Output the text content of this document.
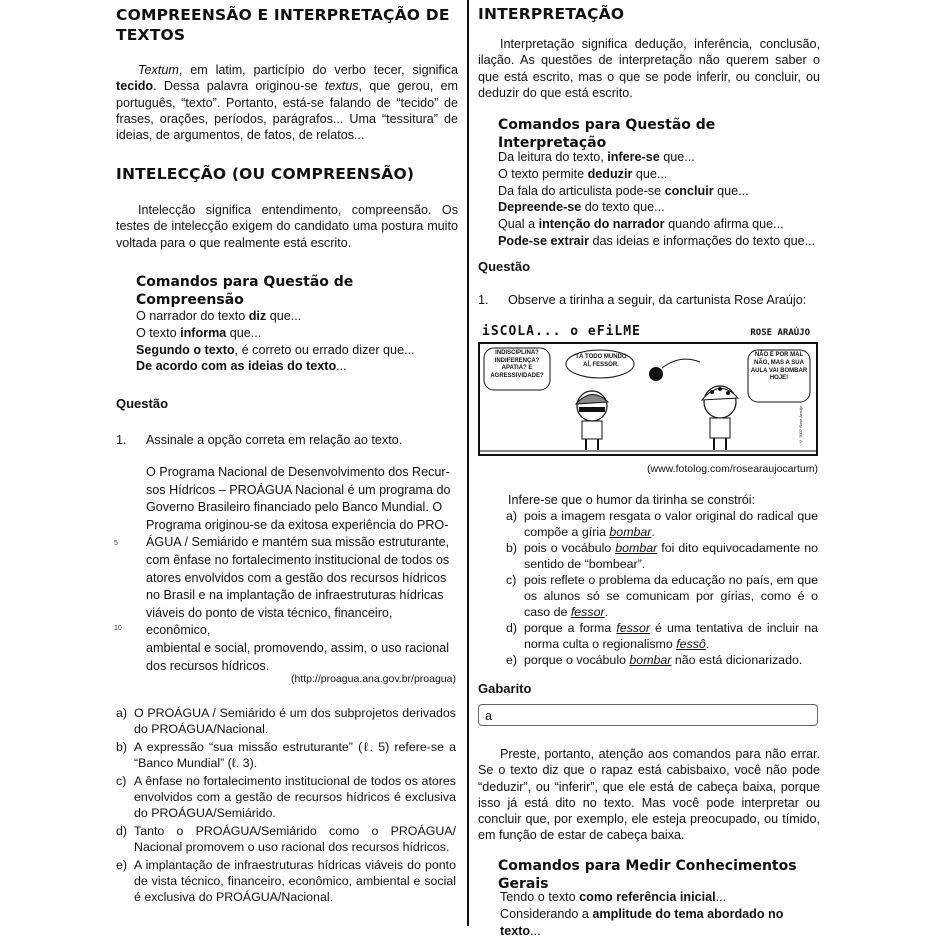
COMPREENSÃO E INTERPRETAÇÃO DE
TEXTOS
Textum, em latim, particípio do verbo tecer, significa tecido. Dessa palavra originou-se textus, que gerou, em português, “texto”. Portanto, está-se falando de “tecido” de frases, orações, períodos, parágrafos... Uma “tessitura” de ideias, de argumentos, de fatos, de relatos...
INTELECÇÃO (OU COMPREENSÃO)
Intelecção significa entendimento, compreensão. Os testes de intelecção exigem do candidato uma postura muito voltada para o que realmente está escrito.
Comandos para Questão de Compreensão
O narrador do texto diz que...
O texto informa que...
Segundo o texto, é correto ou errado dizer que...
De acordo com as ideias do texto...
Questão
1. Assinale a opção correta em relação ao texto.
O Programa Nacional de Desenvolvimento dos Recur-
sos Hídricos – PROÁGUA Nacional é um programa do
Governo Brasileiro financiado pelo Banco Mundial. O
Programa originou-se da exitosa experiência do PRO-
ÁGUA / Semiárido e mantém sua missão estruturante,
com ênfase no fortalecimento institucional de todos os
atores envolvidos com a gestão dos recursos hídricos
no Brasil e na implantação de infraestruturas hídricas
viáveis do ponto de vista técnico, financeiro, econômico,
ambiental e social, promovendo, assim, o uso racional
dos recursos hídricos.
5
10
(http://proagua.ana.gov.br/proagua)
a) O PROÁGUA / Semiárido é um dos subprojetos derivados do PROÁGUA/Nacional.
b) A expressão “sua missão estruturante” (ℓ. 5) refere-se a “Banco Mundial” (ℓ. 3).
c) A ênfase no fortalecimento institucional de todos os atores envolvidos com a gestão de recursos hídricos é exclusiva do PROÁGUA/Semiárido.
d) Tanto o PROÁGUA/Semiárido como o PROÁGUA/ Nacional promovem o uso racional dos recursos hídricos.
e) A implantação de infraestruturas hídricas viáveis do ponto de vista técnico, financeiro, econômico, ambiental e social é exclusiva do PROÁGUA/Nacional.
INTERPRETAÇÃO
Interpretação significa dedução, inferência, conclusão, ilação. As questões de interpretação não querem saber o que está escrito, mas o que se pode inferir, ou concluir, ou deduzir do que está escrito.
Comandos para Questão de Interpretação
Da leitura do texto, infere-se que...
O texto permite deduzir que...
Da fala do articulista pode-se concluir que...
Depreende-se do texto que...
Qual a intenção do narrador quando afirma que...
Pode-se extrair das ideias e informações do texto que...
Questão
1. Observe a tirinha a seguir, da cartunista Rose Araújo:
iSCOLA... o eFiLME	ROSE ARAÚJO
INDISCIPLINA? INDIFERENÇA? APATIA? E AGRESSIVIDADE?
TÁ TODO MUNDO AÍ, FESSOR.
NÃO É POR MAL NÃO, MAS A SUA AULA VAI BOMBAR HOJE!
© 2007 Rose Araújo
(www.fotolog.com/rosearaujocartum)
Infere-se que o humor da tirinha se constrói:
a) pois a imagem resgata o valor original do radical que compõe a gíria bombar.
b) pois o vocábulo bombar foi dito equivocadamente no sentido de “bombear”.
c) pois reflete o problema da educação no país, em que os alunos só se comunicam por gírias, como é o caso de fessor.
d) porque a forma fessor é uma tentativa de incluir na norma culta o regionalismo fessô.
e) porque o vocábulo bombar não está dicionarizado.
Gabarito
a
Preste, portanto, atenção aos comandos para não errar. Se o texto diz que o rapaz está cabisbaixo, você não pode “deduzir”, ou “inferir”, que ele está de cabeça baixa, porque isso já está dito no texto. Mas você pode interpretar ou concluir que, por exemplo, ele esteja preocupado, ou tímido, em função de estar de cabeça baixa.
Comandos para Medir Conhecimentos Gerais
Tendo o texto como referência inicial...
Considerando a amplitude do tema abordado no texto...
